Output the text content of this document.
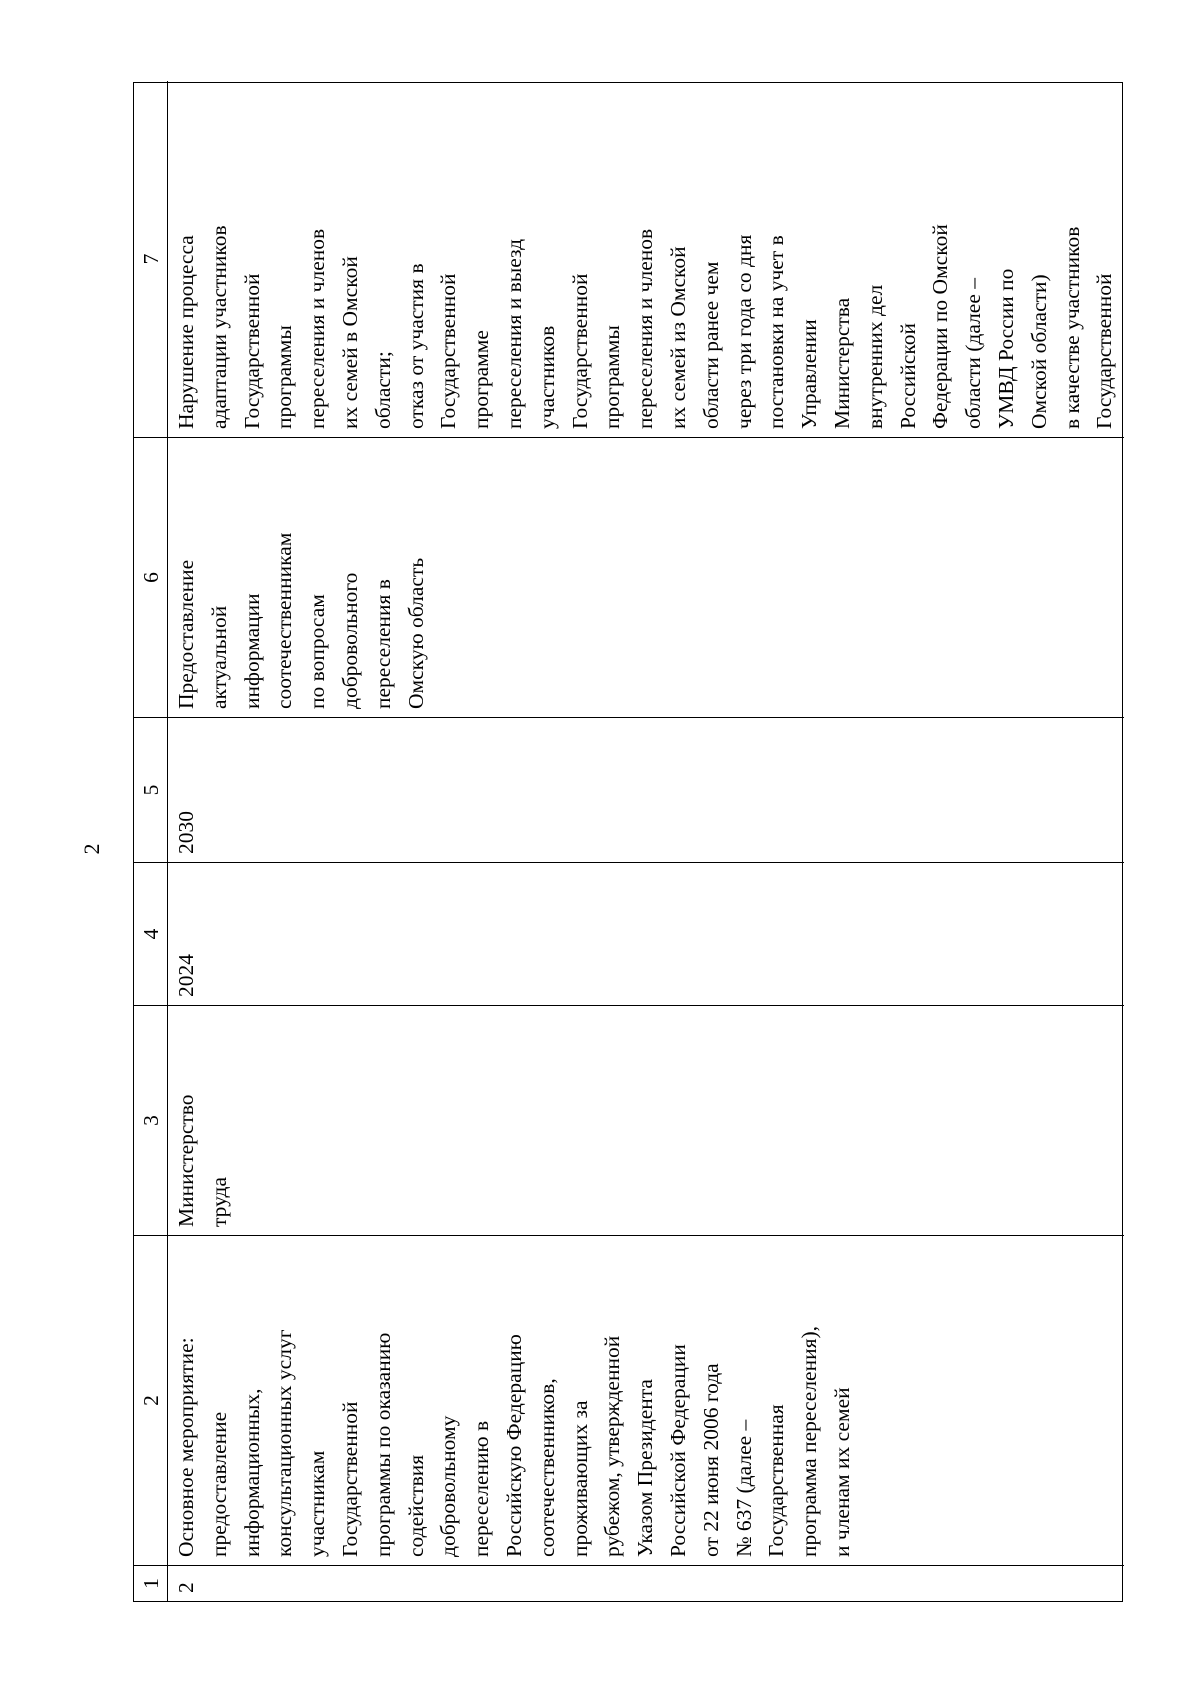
2
1
2
3
4
5
6
7
2
Основное мероприятие: предоставление информационных, консультационных услуг участникам Государственной программы по оказанию содействия добровольному переселению в Российскую Федерацию соотечественников, проживающих за рубежом, утвержденной Указом Президента Российской Федерации от 22 июня 2006 года № 637 (далее – Государственная программа переселения), и членам их семей
Министерство труда
2024
2030
Предоставление актуальной информации соотечественникам по вопросам добровольного переселения в Омскую область
Нарушение процесса адаптации участников Государственной программы переселения и членов их семей в Омской области; отказ от участия в Государственной программе переселения и выезд участников Государственной программы переселения и членов их семей из Омской области ранее чем через три года со дня постановки на учет в Управлении Министерства внутренних дел Российской Федерации по Омской области (далее – УМВД России по Омской области) в качестве участников Государственной
